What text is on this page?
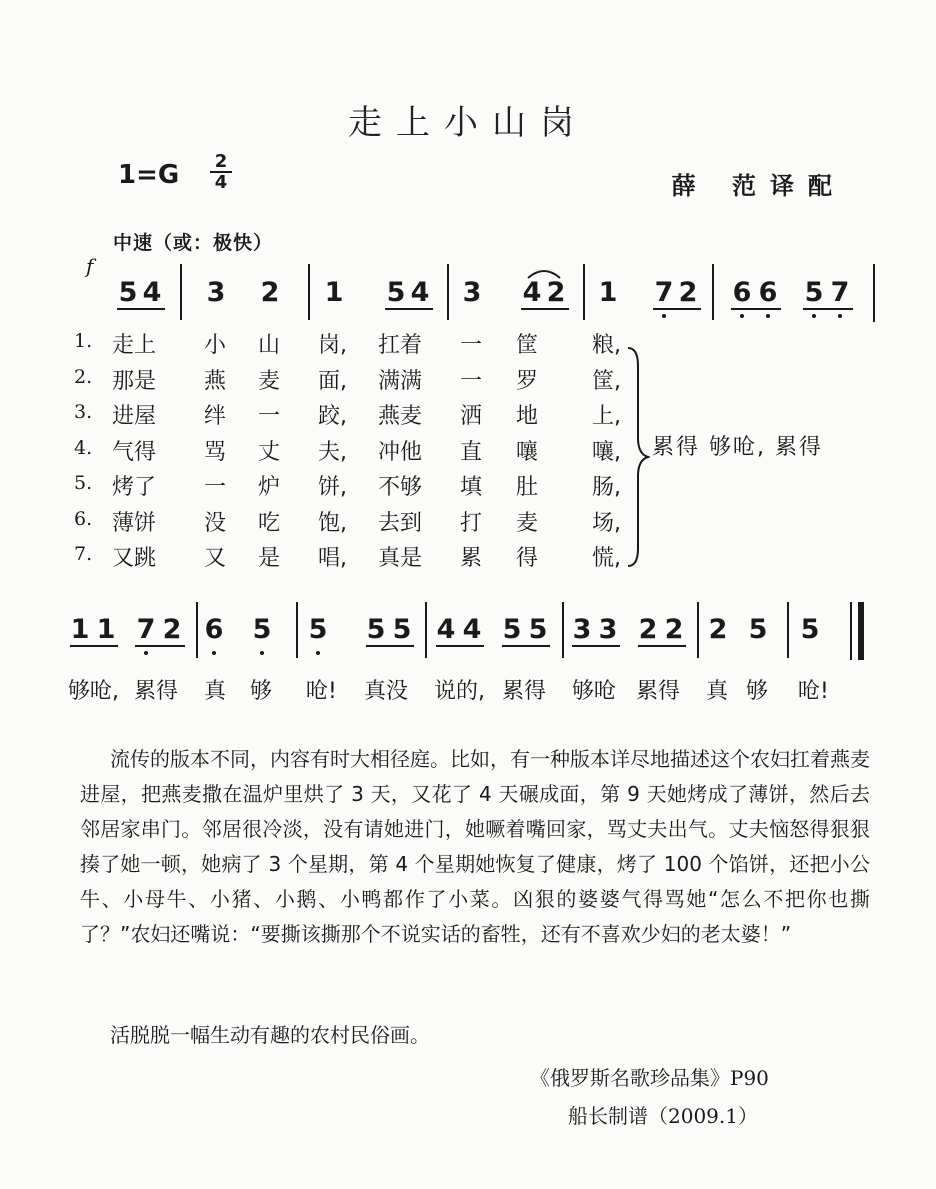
走上小山岗
1=G 2
4	薛 范译配
中速（或：极快）
f
5 4 3 2 1 5 4 3 4 2 1 7 2 6 6 5 7
1. 走上 小 山 岗, 扛着 一 筐 粮,
2. 那是 燕 麦 面, 满满 一 罗 筐,
3. 进屋 绊 一 跤, 燕麦 洒 地 上,
4. 气得 骂 丈 夫, 冲他 直 嚷 嚷,
5. 烤了 一 炉 饼, 不够 填 肚 肠,
6. 薄饼 没 吃 饱, 去到 打 麦 场,
7. 又跳 又 是 唱, 真是 累 得 慌,
累得 够呛, 累得
1 1 7 2 6 5 5 5 5 4 4 5 5 3 3 2 2 2 5 5
够呛, 累得 真 够 呛! 真没 说的, 累得 够呛 累得 真 够 呛!
流传的版本不同，内容有时大相径庭。比如，有一种版本详尽地描述这个农妇扛着燕麦进屋，把燕麦撒在温炉里烘了 3 天，又花了 4 天碾成面，第 9 天她烤成了薄饼，然后去邻居家串门。邻居很冷淡，没有请她进门，她噘着嘴回家，骂丈夫出气。丈夫恼怒得狠狠揍了她一顿，她病了 3 个星期，第 4 个星期她恢复了健康，烤了 100 个馅饼，还把小公牛、小母牛、小猪、小鹅、小鸭都作了小菜。凶狠的婆婆气得骂她“怎么不把你也撕了？”农妇还嘴说：“要撕该撕那个不说实话的畜牲，还有不喜欢少妇的老太婆！”
活脱脱一幅生动有趣的农村民俗画。
《俄罗斯名歌珍品集》P90
船长制谱（2009.1）
